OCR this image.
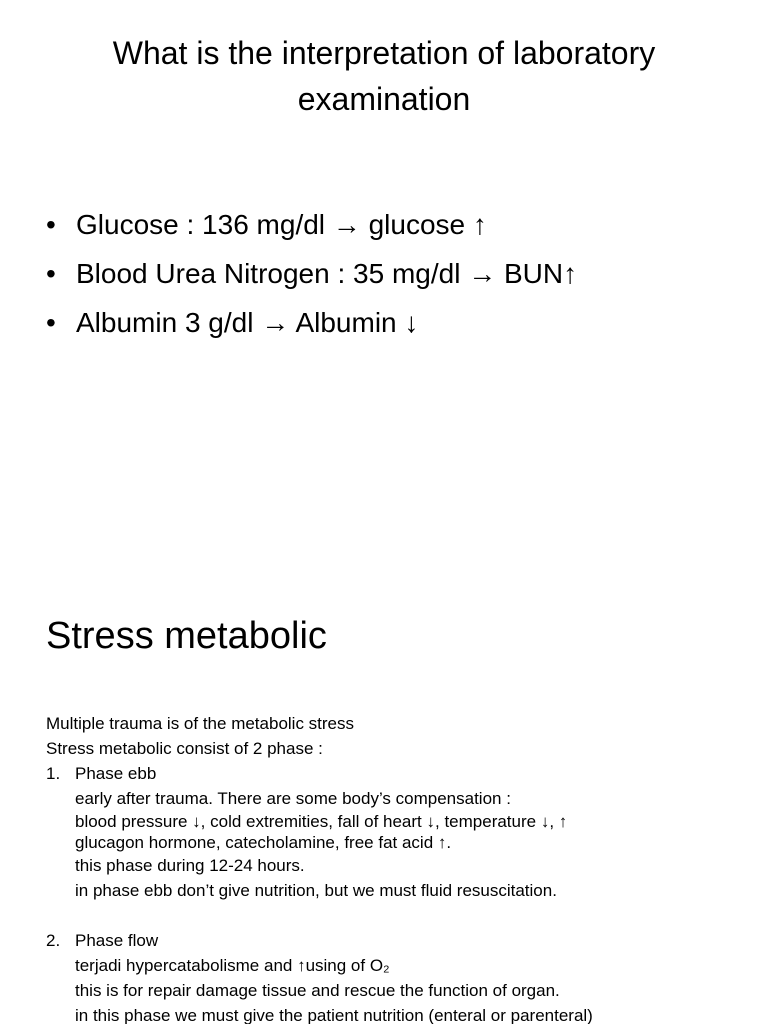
What is the interpretation of laboratory examination
• Glucose : 136 mg/dl → glucose ↑
• Blood Urea Nitrogen : 35 mg/dl → BUN↑
• Albumin 3 g/dl → Albumin ↓
Stress metabolic
Multiple trauma is of the metabolic stress
Stress metabolic consist of 2 phase :
1. Phase ebb
early after trauma. There are some body’s compensation :
blood pressure ↓, cold extremities, fall of heart ↓, temperature ↓, ↑
glucagon hormone, catecholamine, free fat acid ↑.
this phase during 12-24 hours.
in phase ebb don’t give nutrition, but we must fluid resuscitation.
2. Phase flow
terjadi hypercatabolisme and ↑using of O₂
this is for repair damage tissue and rescue the function of organ.
in this phase we must give the patient nutrition (enteral or parenteral)
